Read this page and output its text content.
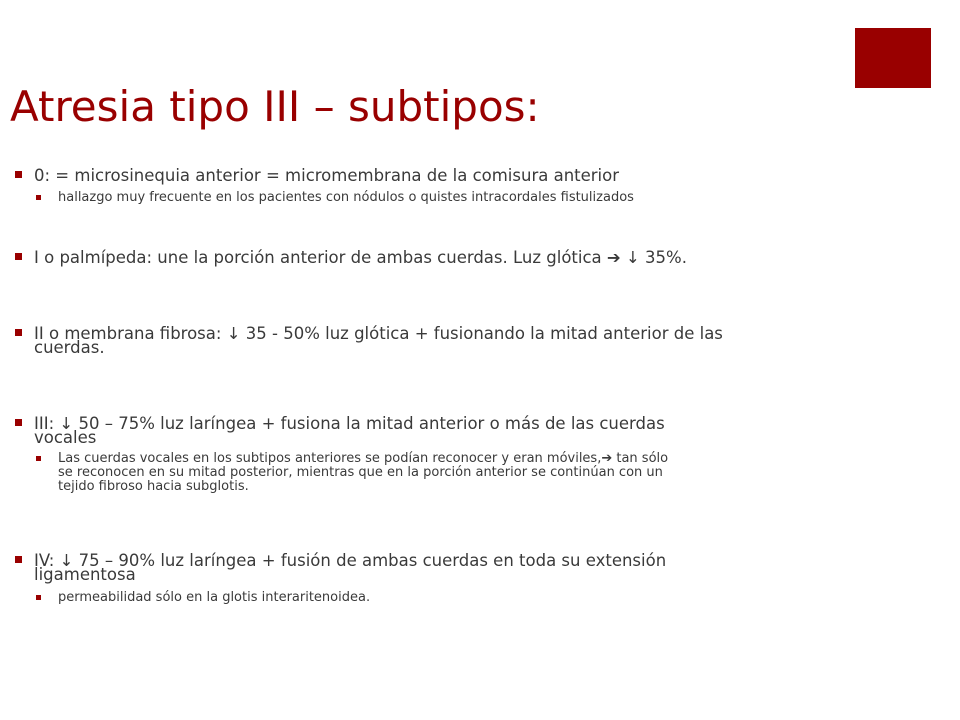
Atresia tipo III – subtipos:
0: = microsinequia anterior = micromembrana de la comisura anterior
hallazgo muy frecuente en los pacientes con nódulos o quistes intracordales fistulizados
I o palmípeda: une la porción anterior de ambas cuerdas. Luz glótica ➔ ↓ 35%.
II o membrana fibrosa: ↓ 35 - 50% luz glótica + fusionando la mitad anterior de las
cuerdas.
III: ↓ 50 – 75% luz laríngea + fusiona la mitad anterior o más de las cuerdas
vocales
Las cuerdas vocales en los subtipos anteriores se podían reconocer y eran móviles,➔ tan sólo
se reconocen en su mitad posterior, mientras que en la porción anterior se continúan con un
tejido fibroso hacia subglotis.
IV: ↓ 75 – 90% luz laríngea + fusión de ambas cuerdas en toda su extensión
ligamentosa
permeabilidad sólo en la glotis interaritenoidea.
